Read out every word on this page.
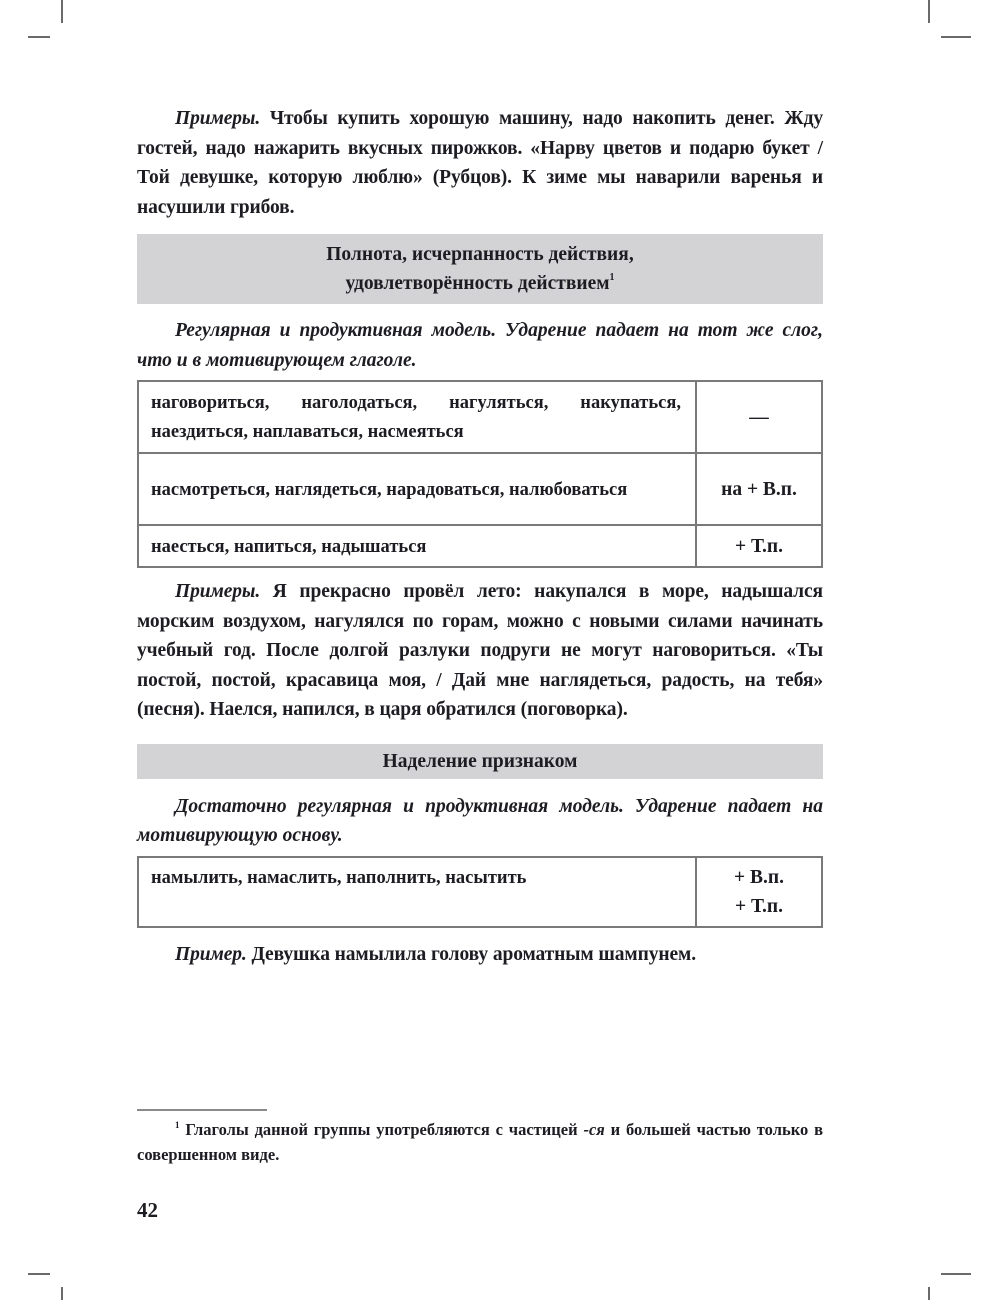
Примеры. Чтобы купить хорошую машину, надо накопить денег. Жду гостей, надо нажарить вкусных пирожков. «Нарву цветов и подарю букет / Той девушке, которую люблю» (Рубцов). К зиме мы наварили варенья и насушили грибов.

Полнота, исчерпанность действия,
удовлетворённость действием$^1$

Регулярная и продуктивная модель. Ударение падает на тот же слог, что и в мотивирующем глаголе.

наговориться, наголодаться, нагуляться, накупаться, наездиться, наплаваться, насмеяться	—
насмотреться, наглядеться, нарадоваться, налюбоваться	на + В.п.
наесться, напиться, надышаться	+ Т.п.

Примеры. Я прекрасно провёл лето: накупался в море, надышался морским воздухом, нагулялся по горам, можно с новыми силами начинать учебный год. После долгой разлуки подруги не могут наговориться. «Ты постой, постой, красавица моя, / Дай мне наглядеться, радость, на тебя» (песня). Наелся, напился, в царя обратился (поговорка).

Наделение признаком

Достаточно регулярная и продуктивная модель. Ударение падает на мотивирующую основу.

намылить, намаслить, наполнить, насытить	+ В.п.
+ Т.п.

Пример. Девушка намылила голову ароматным шампунем.

$^1$ Глаголы данной группы употребляются с частицей -ся и большей частью только в совершенном виде.

42
